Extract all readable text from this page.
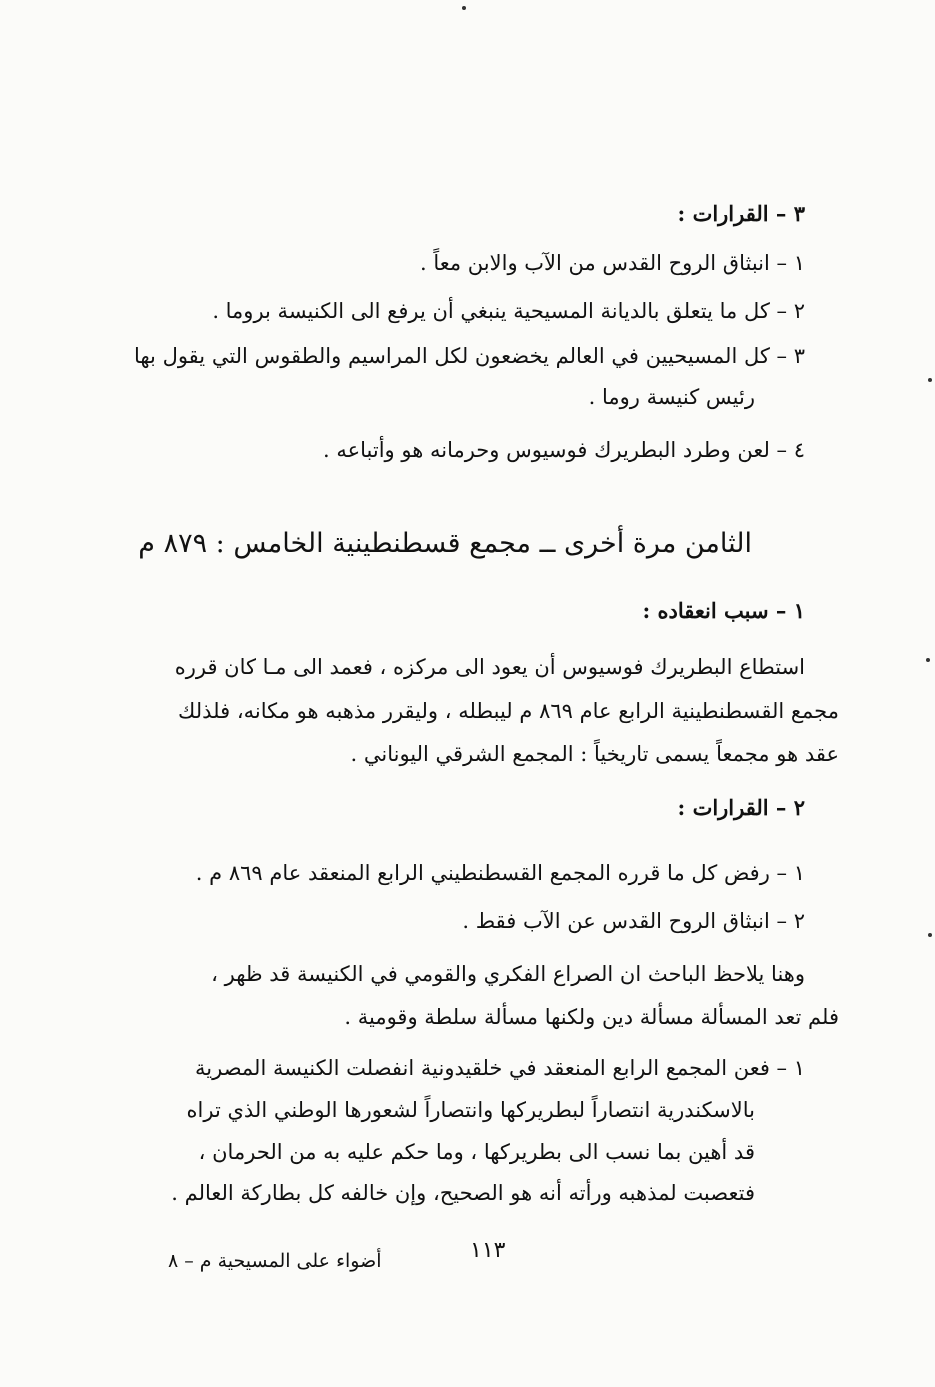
٣ – القرارات :
١ – انبثاق الروح القدس من الآب والابن معاً .
٢ – كل ما يتعلق بالديانة المسيحية ينبغي أن يرفع الى الكنيسة بروما .
٣ – كل المسيحيين في العالم يخضعون لكل المراسيم والطقوس التي يقول بها
رئيس كنيسة روما .
٤ – لعن وطرد البطريرك فوسيوس وحرمانه هو وأتباعه .
الثامن مرة أخرى ــ مجمع قسطنطينية الخامس : ٨٧٩ م
١ – سبب انعقاده :
استطاع البطريرك فوسيوس أن يعود الى مركزه ، فعمد الى مـا كان قرره
مجمع القسطنطينية الرابع عام ٨٦٩ م ليبطله ، وليقرر مذهبه هو مكانه، فلذلك
عقد هو مجمعاً يسمى تاريخياً : المجمع الشرقي اليوناني .
٢ – القرارات :
١ – رفض كل ما قرره المجمع القسطنطيني الرابع المنعقد عام ٨٦٩ م .
٢ – انبثاق الروح القدس عن الآب فقط .
وهنا يلاحظ الباحث ان الصراع الفكري والقومي في الكنيسة قد ظهر ،
فلم تعد المسألة مسألة دين ولكنها مسألة سلطة وقومية .
١ – فعن المجمع الرابع المنعقد في خلقيدونية انفصلت الكنيسة المصرية
بالاسكندرية انتصاراً لبطريركها وانتصاراً لشعورها الوطني الذي تراه
قد أهين بما نسب الى بطريركها ، وما حكم عليه به من الحرمان ،
فتعصبت لمذهبه ورأته أنه هو الصحيح، وإن خالفه كل بطاركة العالم .
١١٣
أضواء على المسيحية م – ٨
